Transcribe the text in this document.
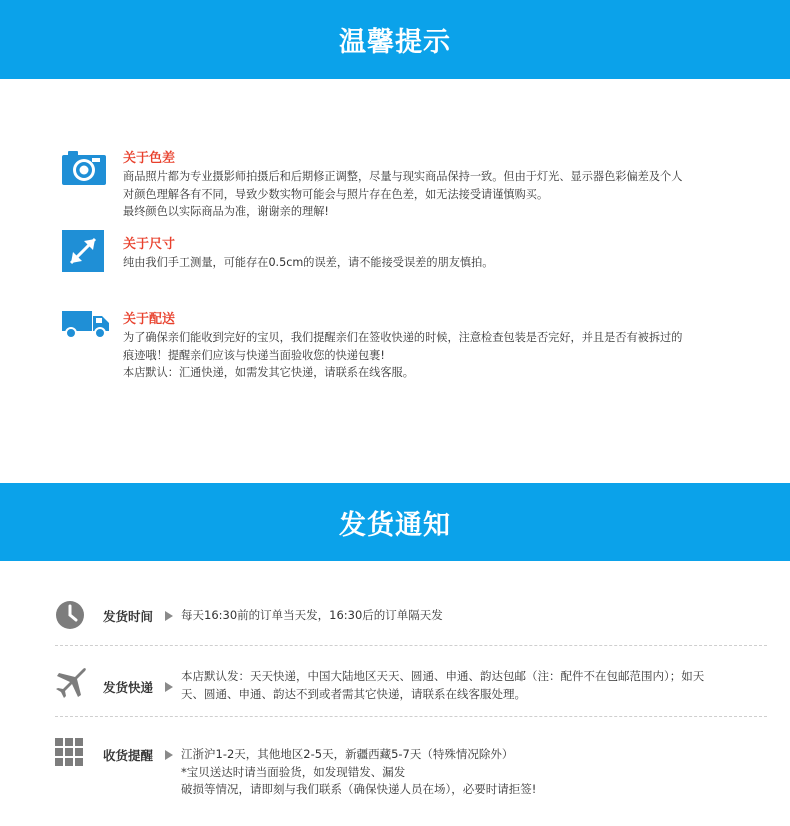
温馨提示
关于色差
商品照片都为专业摄影师拍摄后和后期修正调整，尽量与现实商品保持一致。但由于灯光、显示器色彩偏差及个人
对颜色理解各有不同，导致少数实物可能会与照片存在色差，如无法接受请谨慎购买。
最终颜色以实际商品为准，谢谢亲的理解!
关于尺寸
纯由我们手工测量，可能存在0.5cm的误差，请不能接受误差的朋友慎拍。
关于配送
为了确保亲们能收到完好的宝贝，我们提醒亲们在签收快递的时候，注意检查包装是否完好，并且是否有被拆过的
痕迹哦！提醒亲们应该与快递当面验收您的快递包裹!
本店默认：汇通快递，如需发其它快递，请联系在线客服。
发货通知
发货时间 每天16:30前的订单当天发，16:30后的订单隔天发
发货快递
本店默认发：天天快递，中国大陆地区天天、圆通、申通、韵达包邮（注：配件不在包邮范围内）；如天
天、圆通、申通、韵达不到或者需其它快递，请联系在线客服处理。
收货提醒 江浙沪1-2天，其他地区2-5天，新疆西藏5-7天（特殊情况除外）
*宝贝送达时请当面验货，如发现错发、漏发
破损等情况，请即刻与我们联系（确保快递人员在场），必要时请拒签!
